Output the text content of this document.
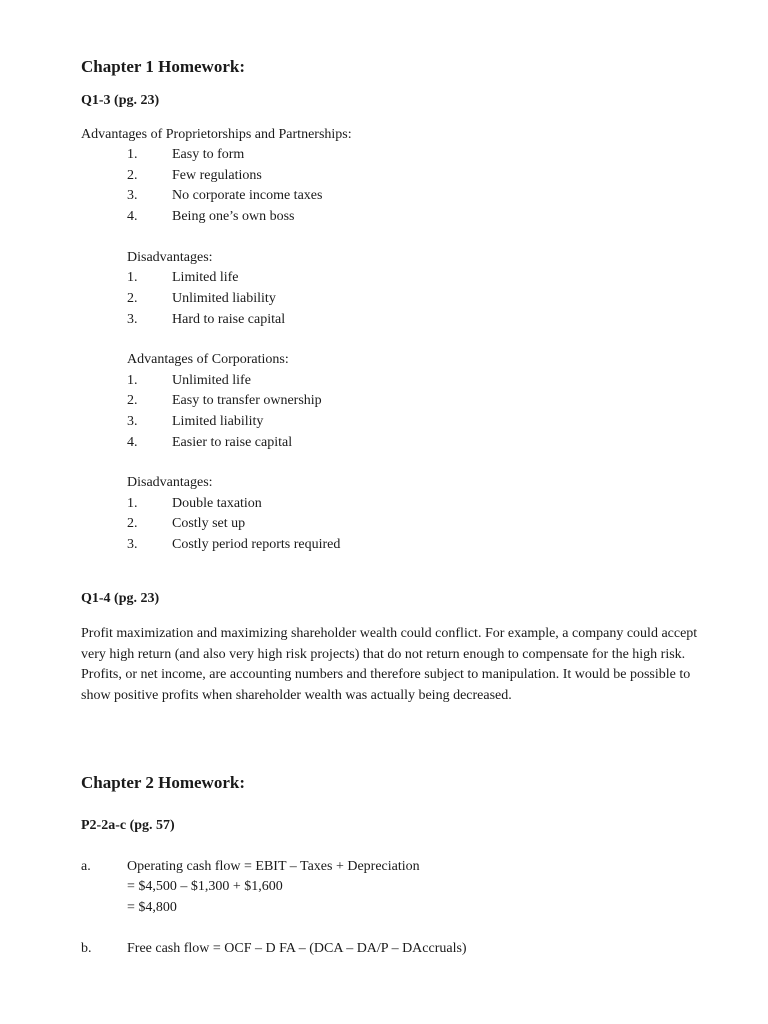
Chapter 1 Homework:
Q1-3 (pg. 23)
Advantages of Proprietorships and Partnerships:
1. Easy to form
2. Few regulations
3. No corporate income taxes
4. Being one’s own boss
Disadvantages:
1. Limited life
2. Unlimited liability
3. Hard to raise capital
Advantages of Corporations:
1. Unlimited life
2. Easy to transfer ownership
3. Limited liability
4. Easier to raise capital
Disadvantages:
1. Double taxation
2. Costly set up
3. Costly period reports required
Q1-4 (pg. 23)
Profit maximization and maximizing shareholder wealth could conflict. For example, a company could accept very high return (and also very high risk projects) that do not return enough to compensate for the high risk. Profits, or net income, are accounting numbers and therefore subject to manipulation. It would be possible to show positive profits when shareholder wealth was actually being decreased.
Chapter 2 Homework:
P2-2a-c (pg. 57)
a.	Operating cash flow = EBIT – Taxes + Depreciation
= $4,500 – $1,300 + $1,600
= $4,800
b.	Free cash flow = OCF – D FA – (DCA – DA/P – DAccruals)
